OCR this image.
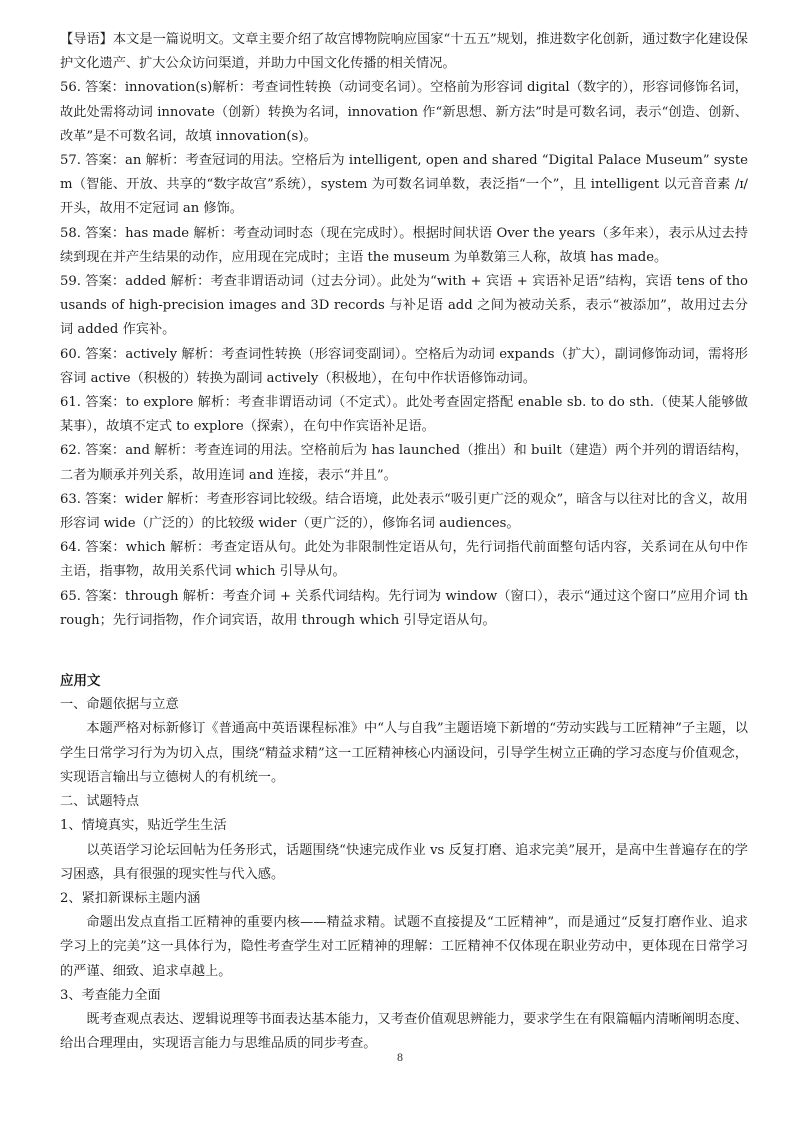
【导语】本文是一篇说明文。文章主要介绍了故宫博物院响应国家“十五五”规划，推进数字化创新，通过数字化建设保护文化遗产、扩大公众访问渠道，并助力中国文化传播的相关情况。

56. 答案：innovation(s)解析：考查词性转换（动词变名词）。空格前为形容词 digital（数字的），形容词修饰名词，故此处需将动词 innovate（创新）转换为名词，innovation 作“新思想、新方法”时是可数名词，表示“创造、创新、改革”是不可数名词，故填 innovation(s)。

57. 答案：an 解析：考查冠词的用法。空格后为 intelligent, open and shared “Digital Palace Museum” system（智能、开放、共享的“数字故宫”系统），system 为可数名词单数，表泛指“一个”，且 intelligent 以元音音素 /ɪ/ 开头，故用不定冠词 an 修饰。

58. 答案：has made 解析：考查动词时态（现在完成时）。根据时间状语 Over the years（多年来），表示从过去持续到现在并产生结果的动作，应用现在完成时；主语 the museum 为单数第三人称，故填 has made。

59. 答案：added 解析：考查非谓语动词（过去分词）。此处为“with + 宾语 + 宾语补足语”结构，宾语 tens of thousands of high-precision images and 3D records 与补足语 add 之间为被动关系，表示“被添加”，故用过去分词 added 作宾补。

60. 答案：actively 解析：考查词性转换（形容词变副词）。空格后为动词 expands（扩大），副词修饰动词，需将形容词 active（积极的）转换为副词 actively（积极地），在句中作状语修饰动词。

61. 答案：to explore 解析：考查非谓语动词（不定式）。此处考查固定搭配 enable sb. to do sth.（使某人能够做某事），故填不定式 to explore（探索），在句中作宾语补足语。

62. 答案：and 解析：考查连词的用法。空格前后为 has launched（推出）和 built（建造）两个并列的谓语结构，二者为顺承并列关系，故用连词 and 连接，表示“并且”。

63. 答案：wider 解析：考查形容词比较级。结合语境，此处表示“吸引更广泛的观众”，暗含与以往对比的含义，故用形容词 wide（广泛的）的比较级 wider（更广泛的），修饰名词 audiences。

64. 答案：which 解析：考查定语从句。此处为非限制性定语从句，先行词指代前面整句话内容，关系词在从句中作主语，指事物，故用关系代词 which 引导从句。

65. 答案：through 解析：考查介词 + 关系代词结构。先行词为 window（窗口），表示“通过这个窗口”应用介词 through；先行词指物，作介词宾语，故用 through which 引导定语从句。

应用文

一、命题依据与立意

本题严格对标新修订《普通高中英语课程标准》中“人与自我”主题语境下新增的“劳动实践与工匠精神”子主题，以学生日常学习行为为切入点，围绕“精益求精”这一工匠精神核心内涵设问，引导学生树立正确的学习态度与价值观念，实现语言输出与立德树人的有机统一。

二、试题特点

1、情境真实，贴近学生生活

以英语学习论坛回帖为任务形式，话题围绕“快速完成作业 vs 反复打磨、追求完美”展开，是高中生普遍存在的学习困惑，具有很强的现实性与代入感。

2、紧扣新课标主题内涵

命题出发点直指工匠精神的重要内核——精益求精。试题不直接提及“工匠精神”，而是通过“反复打磨作业、追求学习上的完美”这一具体行为，隐性考查学生对工匠精神的理解：工匠精神不仅体现在职业劳动中，更体现在日常学习的严谨、细致、追求卓越上。

3、考查能力全面

既考查观点表达、逻辑说理等书面表达基本能力，又考查价值观思辨能力，要求学生在有限篇幅内清晰阐明态度、给出合理理由，实现语言能力与思维品质的同步考查。

8
